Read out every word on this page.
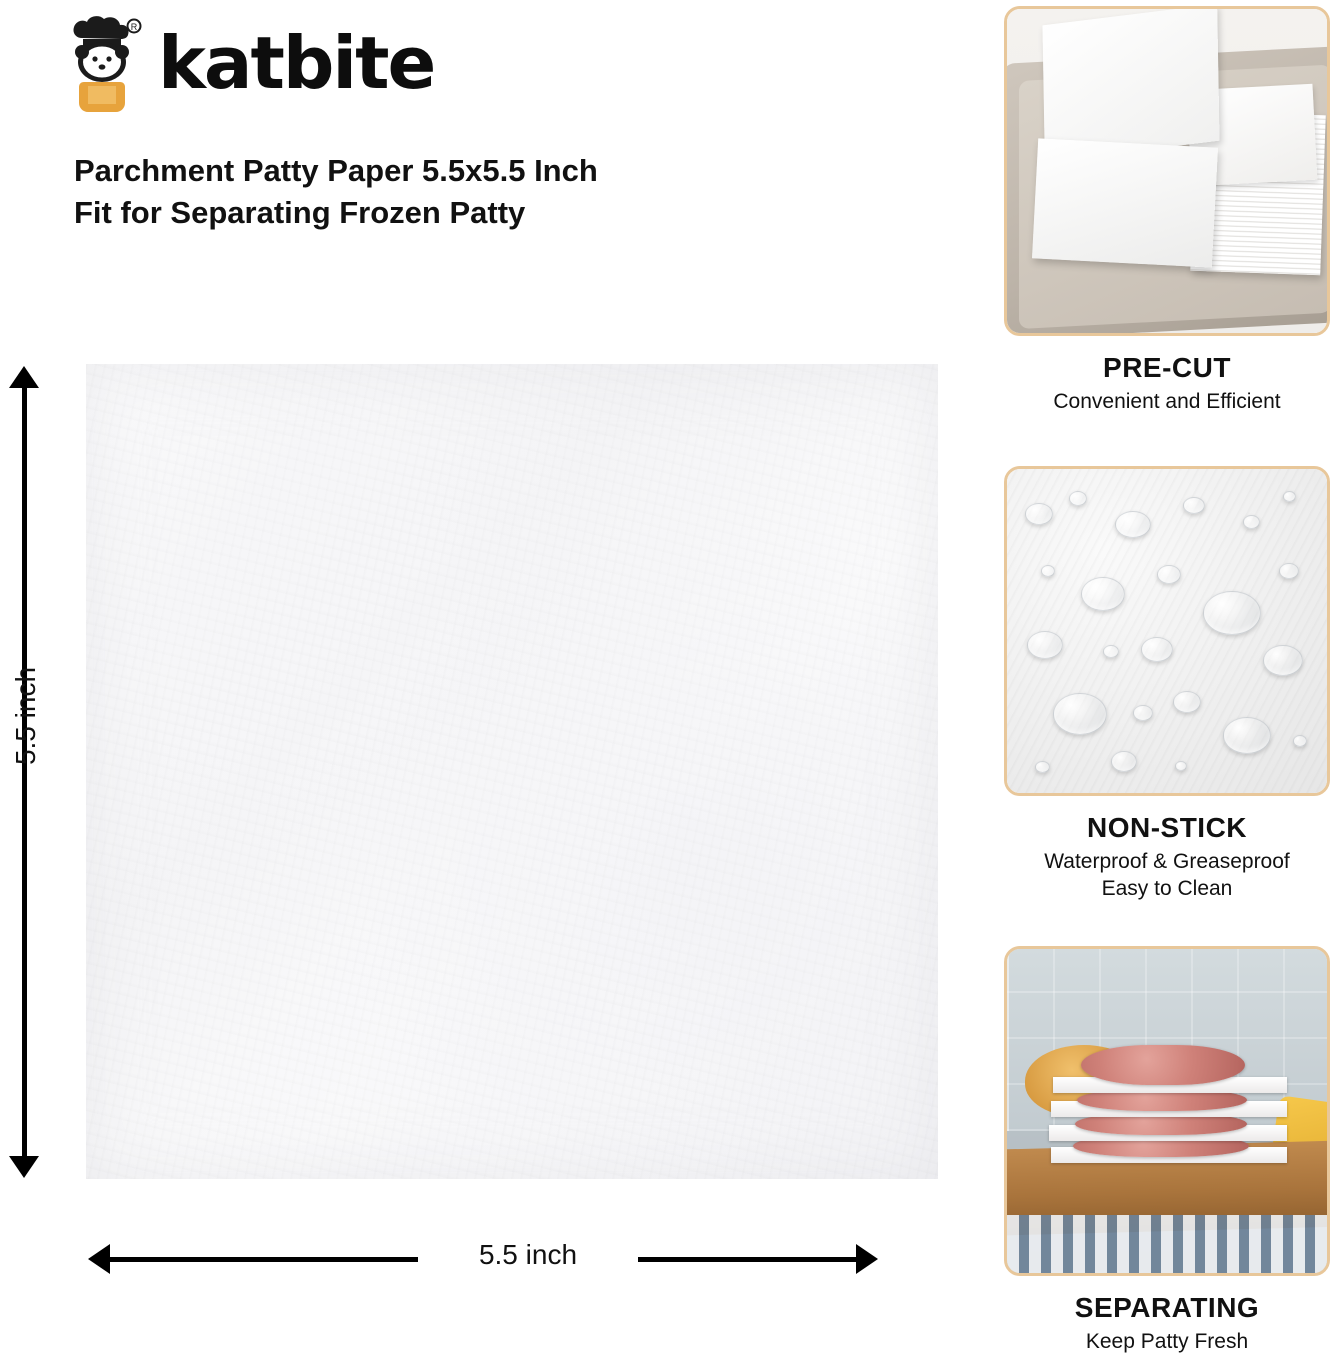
R katbite
Parchment Patty Paper 5.5x5.5 Inch
Fit for Separating Frozen Patty
5.5 inch
5.5 inch
PRE-CUT
Convenient and Efficient
NON-STICK
Waterproof & Greaseproof
Easy to Clean
SEPARATING
Keep Patty Fresh
